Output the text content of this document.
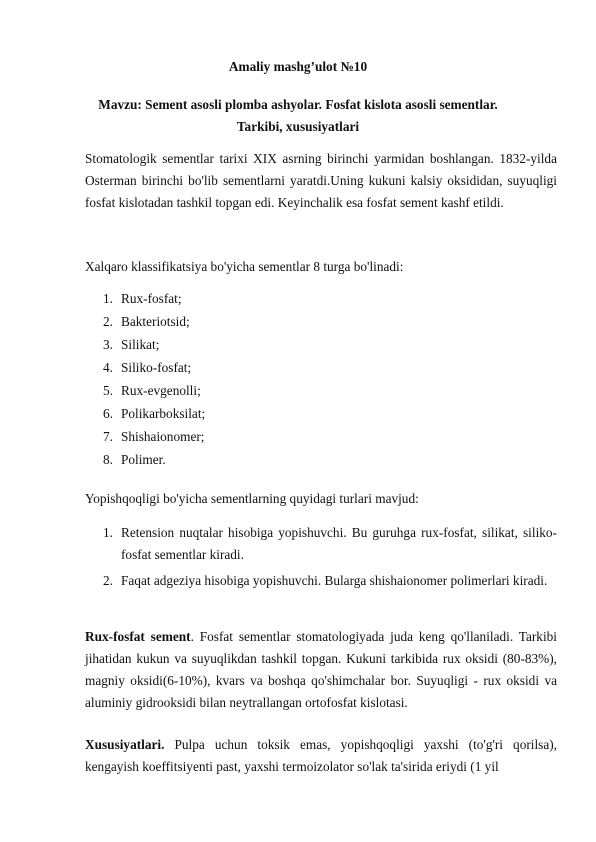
Amaliy mashg’ulot №10
Mavzu: Sement asosli plomba ashyolar. Fosfat kislota asosli sementlar.
Tarkibi, xususiyatlari
Stomatologik sementlar tarixi XIX asrning birinchi yarmidan boshlangan. 1832-yilda Osterman birinchi bo'lib sementlarni yaratdi.Uning kukuni kalsiy oksididan, suyuqligi fosfat kislotadan tashkil topgan edi. Keyinchalik esa fosfat sement kashf etildi.
Xalqaro klassifikatsiya bo'yicha sementlar 8 turga bo'linadi:
1. Rux-fosfat;
2. Bakteriotsid;
3. Silikat;
4. Siliko-fosfat;
5. Rux-evgenolli;
6. Polikarboksilat;
7. Shishaionomer;
8. Polimer.
Yopishqoqligi bo'yicha sementlarning quyidagi turlari mavjud:
1. Retension nuqtalar hisobiga yopishuvchi. Bu guruhga rux-fosfat, silikat, siliko-fosfat sementlar kiradi.
2. Faqat adgeziya hisobiga yopishuvchi. Bularga shishaionomer polimerlari kiradi.
Rux-fosfat sement. Fosfat sementlar stomatologiyada juda keng qo'llaniladi. Tarkibi jihatidan kukun va suyuqlikdan tashkil topgan. Kukuni tarkibida rux oksidi (80-83%), magniy oksidi(6-10%), kvars va boshqa qo'shimchalar bor. Suyuqligi - rux oksidi va aluminiy gidrooksidi bilan neytrallangan ortofosfat kislotasi.
Xususiyatlari. Pulpa uchun toksik emas, yopishqoqligi yaxshi (to'g'ri qorilsa), kengayish koeffitsiyenti past, yaxshi termoizolator so'lak ta'sirida eriydi (1 yil
